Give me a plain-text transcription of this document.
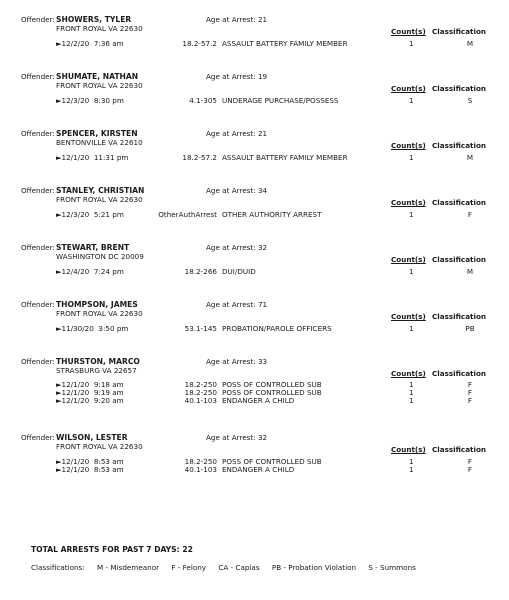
Offender: SHOWERS, TYLER	Age at Arrest: 21
FRONT ROYAL VA 22630	Count(s) Classification
►12/2/20 7:36 am	18.2-57.2 ASSAULT BATTERY FAMILY MEMBER	1	M
Offender: SHUMATE, NATHAN	Age at Arrest: 19
FRONT ROYAL VA 22630	Count(s) Classification
►12/3/20 8:30 pm	4.1-305 UNDERAGE PURCHASE/POSSESS	1	S
Offender: SPENCER, KIRSTEN	Age at Arrest: 21
BENTONVILLE VA 22610	Count(s) Classification
►12/1/20 11:31 pm	18.2-57.2 ASSAULT BATTERY FAMILY MEMBER	1	M
Offender: STANLEY, CHRISTIAN	Age at Arrest: 34
FRONT ROYAL VA 22630	Count(s) Classification
►12/3/20 5:21 pm	OtherAuthArrest OTHER AUTHORITY ARREST	1	F
Offender: STEWART, BRENT	Age at Arrest: 32
WASHINGTON DC 20009	Count(s) Classification
►12/4/20 7:24 pm	18.2-266 DUI/DUID	1	M
Offender: THOMPSON, JAMES	Age at Arrest: 71
FRONT ROYAL VA 22630	Count(s) Classification
►11/30/20 3:50 pm	53.1-145 PROBATION/PAROLE OFFICERS	1	PB
Offender: THURSTON, MARCO	Age at Arrest: 33
STRASBURG VA 22657	Count(s) Classification
►12/1/20 9:18 am	18.2-250 POSS OF CONTROLLED SUB	1	F
►12/1/20 9:19 am	18.2-250 POSS OF CONTROLLED SUB	1	F
►12/1/20 9:20 am	40.1-103 ENDANGER A CHILD	1	F
Offender: WILSON, LESTER	Age at Arrest: 32
FRONT ROYAL VA 22630	Count(s) Classification
►12/1/20 8:53 am	18.2-250 POSS OF CONTROLLED SUB	1	F
►12/1/20 8:53 am	40.1-103 ENDANGER A CHILD	1	F
TOTAL ARRESTS FOR PAST 7 DAYS: 22
Classifications: M - Misdemeanor F - Felony CA - Capias PB - Probation Violation S - Summons
